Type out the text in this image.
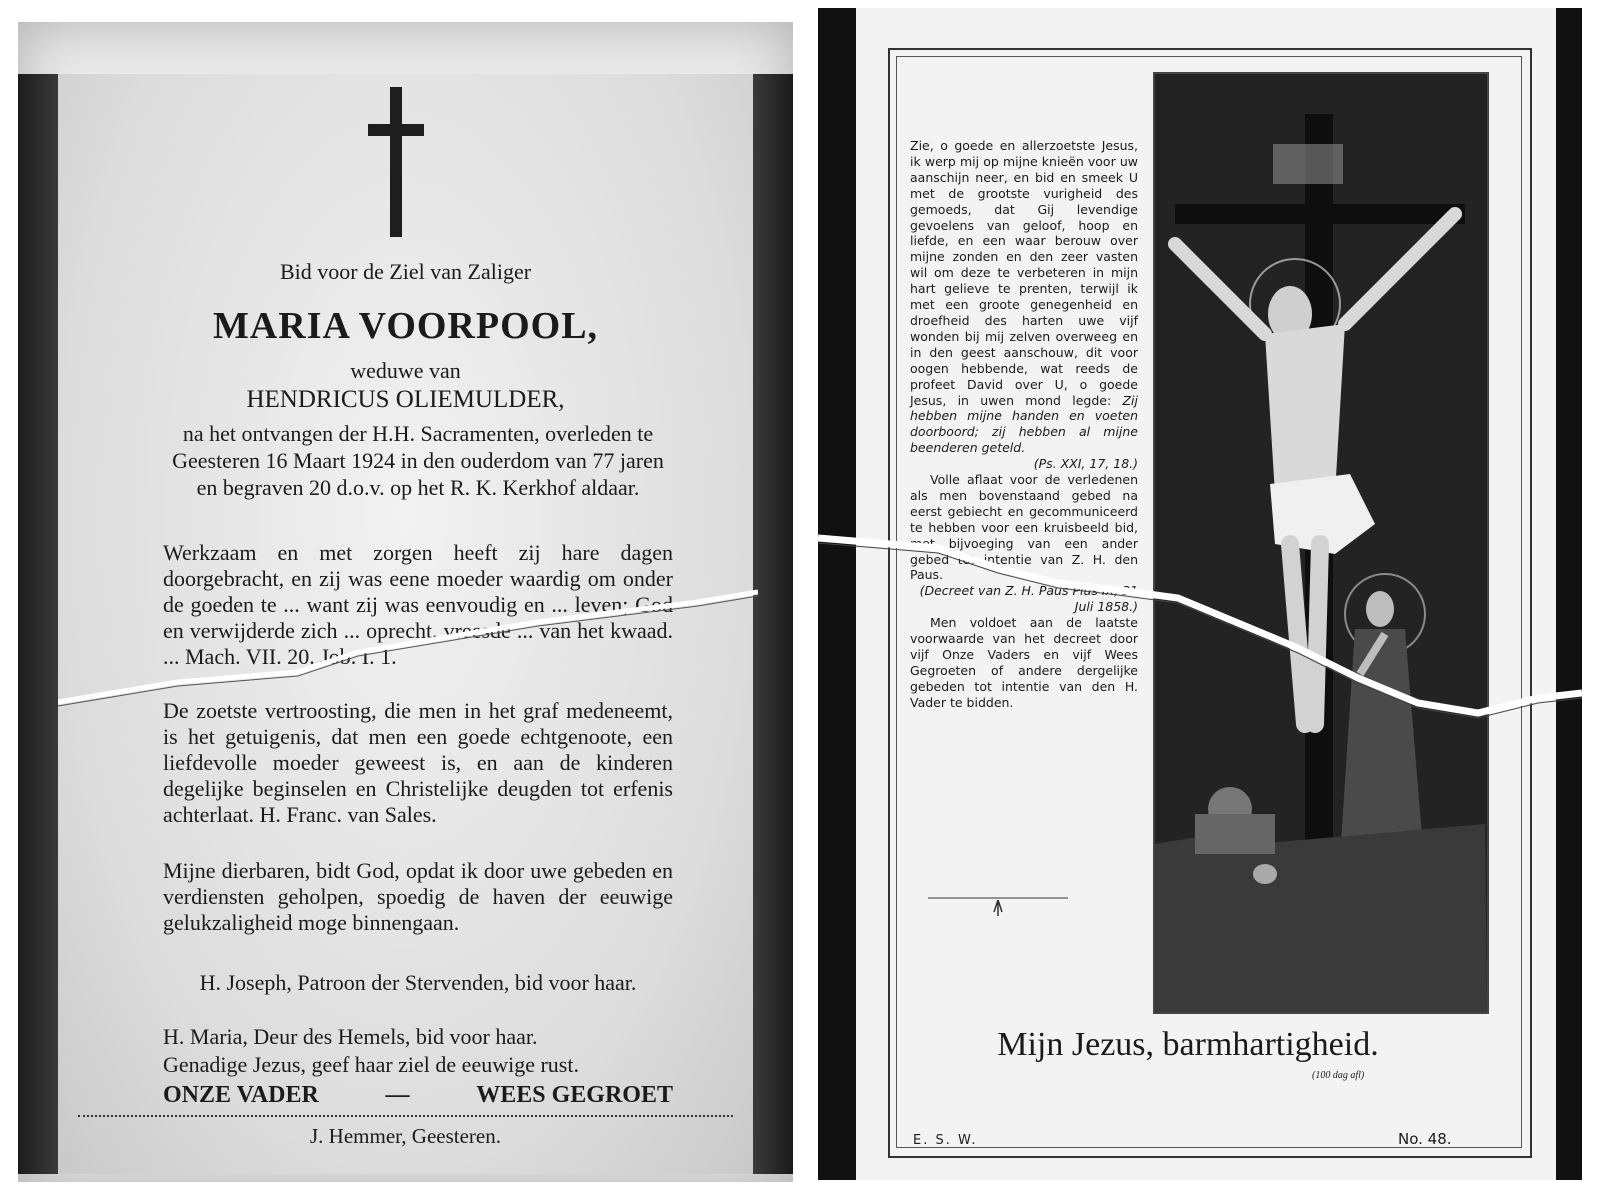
Bid voor de Ziel van Zaliger
MARIA VOORPOOL,
weduwe van
HENDRICUS OLIEMULDER,
na het ontvangen der H.H. Sacramenten, overleden te Geesteren 16 Maart 1924 in den ouderdom van 77 jaren en begraven 20 d.o.v. op het R. K. Kerkhof aldaar.
Werkzaam en met zorgen heeft zij hare dagen doorgebracht, en zij was eene moeder waardig om onder de goeden te ... want zij was eenvoudig en ... leven; God en verwijderde zich ... oprecht, vreesde ... van het kwaad. ... Mach. VII. 20. Job. I. 1.
De zoetste vertroosting, die men in het graf medeneemt, is het getuigenis, dat men een goede echtgenoote, een liefdevolle moeder geweest is, en aan de kinderen degelijke beginselen en Christelijke deugden tot erfenis achterlaat. H. Franc. van Sales.
Mijne dierbaren, bidt God, opdat ik door uwe gebeden en verdiensten geholpen, spoedig de haven der eeuwige gelukzaligheid moge binnengaan.
H. Joseph, Patroon der Stervenden, bid voor haar.
H. Maria, Deur des Hemels, bid voor haar.
Genadige Jezus, geef haar ziel de eeuwige rust.
ONZE VADER	—	WEES GEGROET
J. Hemmer, Geesteren.
Zie, o goede en allerzoetste Jesus, ik werp mij op mijne knieën voor uw aanschijn neer, en bid en smeek U met de grootste vurigheid des gemoeds, dat Gij levendige gevoelens van geloof, hoop en liefde, en een waar berouw over mijne zonden en den zeer vasten wil om deze te verbeteren in mijn hart gelieve te prenten, terwijl ik met een groote genegenheid en droefheid des harten uwe vijf wonden bij mij zelven overweeg en in den geest aanschouw, dit voor oogen hebbende, wat reeds de profeet David over U, o goede Jesus, in uwen mond legde: Zij hebben mijne handen en voeten doorboord; zij hebben al mijne beenderen geteld.
(Ps. XXI, 17, 18.)
Volle aflaat voor de verledenen als men bovenstaand gebed na eerst gebiecht en gecommuniceerd te hebben voor een kruisbeeld bid, met bijvoeging van een ander gebed tot intentie van Z. H. den Paus.
(Decreet van Z. H. Paus Pius IX, 31 Juli 1858.)
Men voldoet aan de laatste voorwaarde van het decreet door vijf Onze Vaders en vijf Wees Gegroeten of andere dergelijke gebeden tot intentie van den H. Vader te bidden.
Mijn Jezus, barmhartigheid.
(100 dag afl)
E. S. W.	No. 48.
